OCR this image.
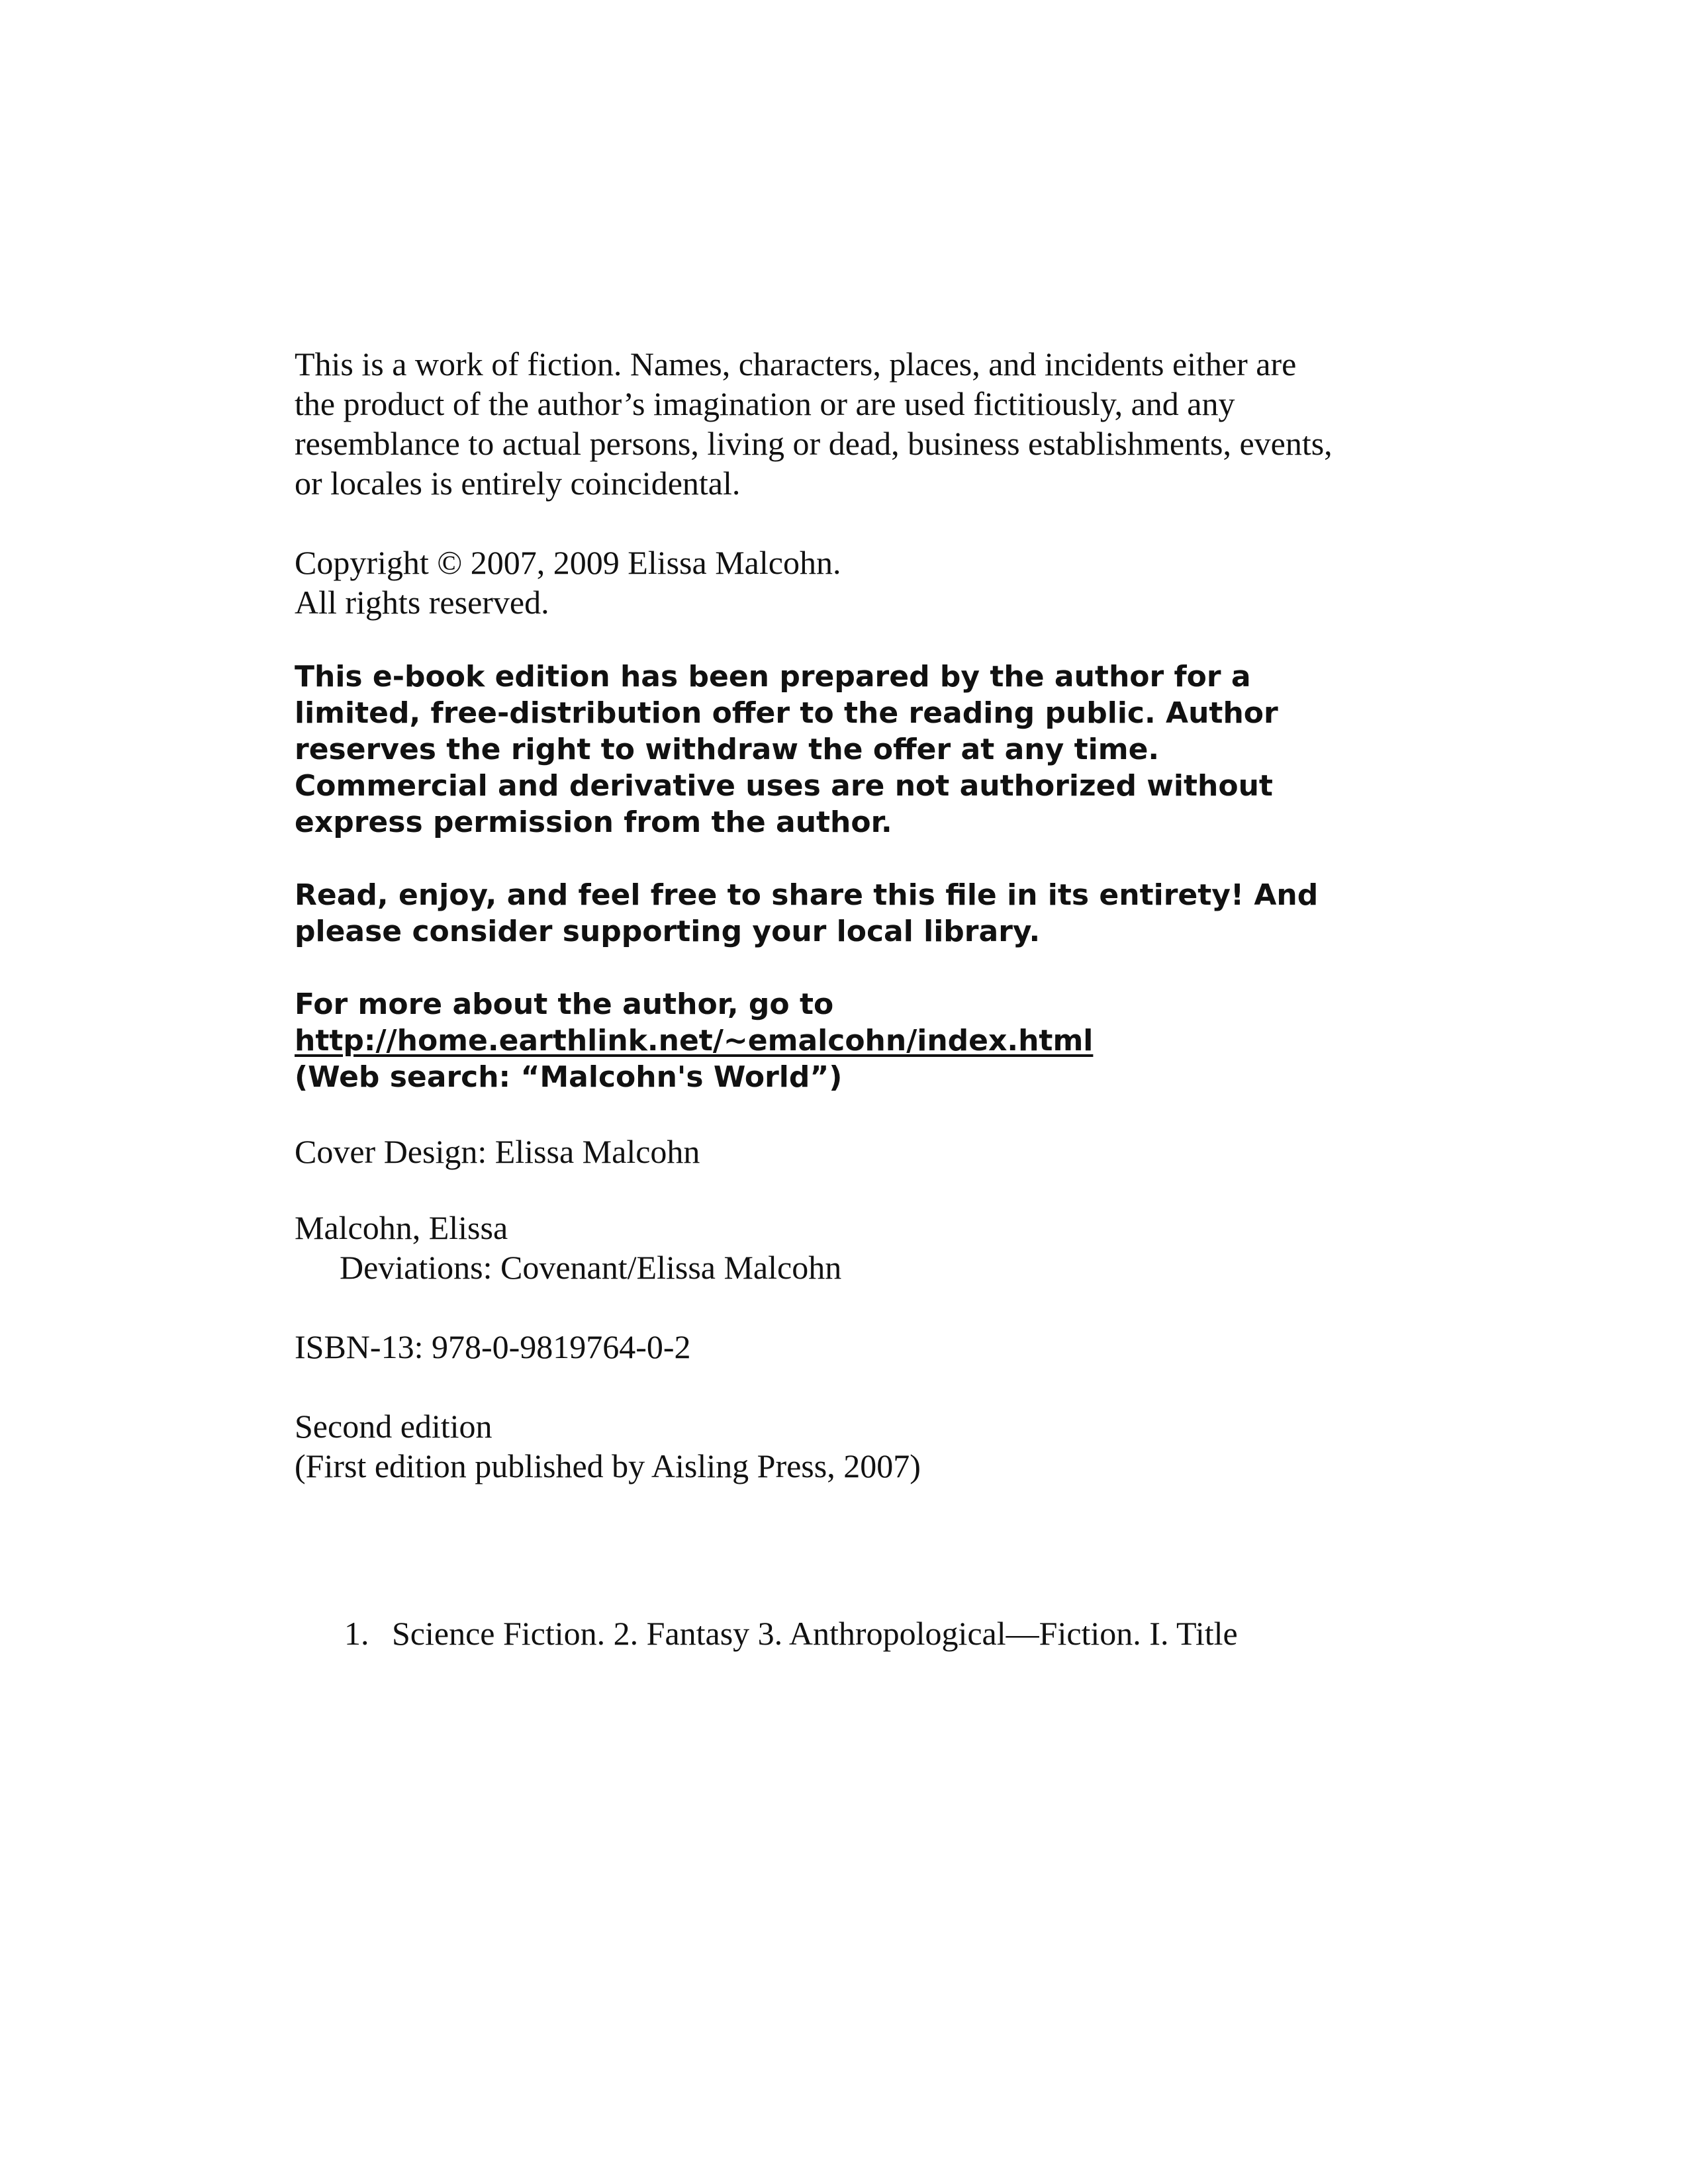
This is a work of fiction. Names, characters, places, and incidents either are
the product of the author’s imagination or are used fictitiously, and any
resemblance to actual persons, living or dead, business establishments, events,
or locales is entirely coincidental.

Copyright © 2007, 2009 Elissa Malcohn.
All rights reserved.

This e-book edition has been prepared by the author for a
limited, free-distribution offer to the reading public. Author
reserves the right to withdraw the offer at any time.
Commercial and derivative uses are not authorized without
express permission from the author.

Read, enjoy, and feel free to share this file in its entirety! And
please consider supporting your local library.

For more about the author, go to
http://home.earthlink.net/~emalcohn/index.html
(Web search: “Malcohn's World”)

Cover Design: Elissa Malcohn

Malcohn, Elissa
Deviations: Covenant/Elissa Malcohn

ISBN-13: 978-0-9819764-0-2

Second edition
(First edition published by Aisling Press, 2007)

1. Science Fiction. 2. Fantasy 3. Anthropological—Fiction. I. Title
